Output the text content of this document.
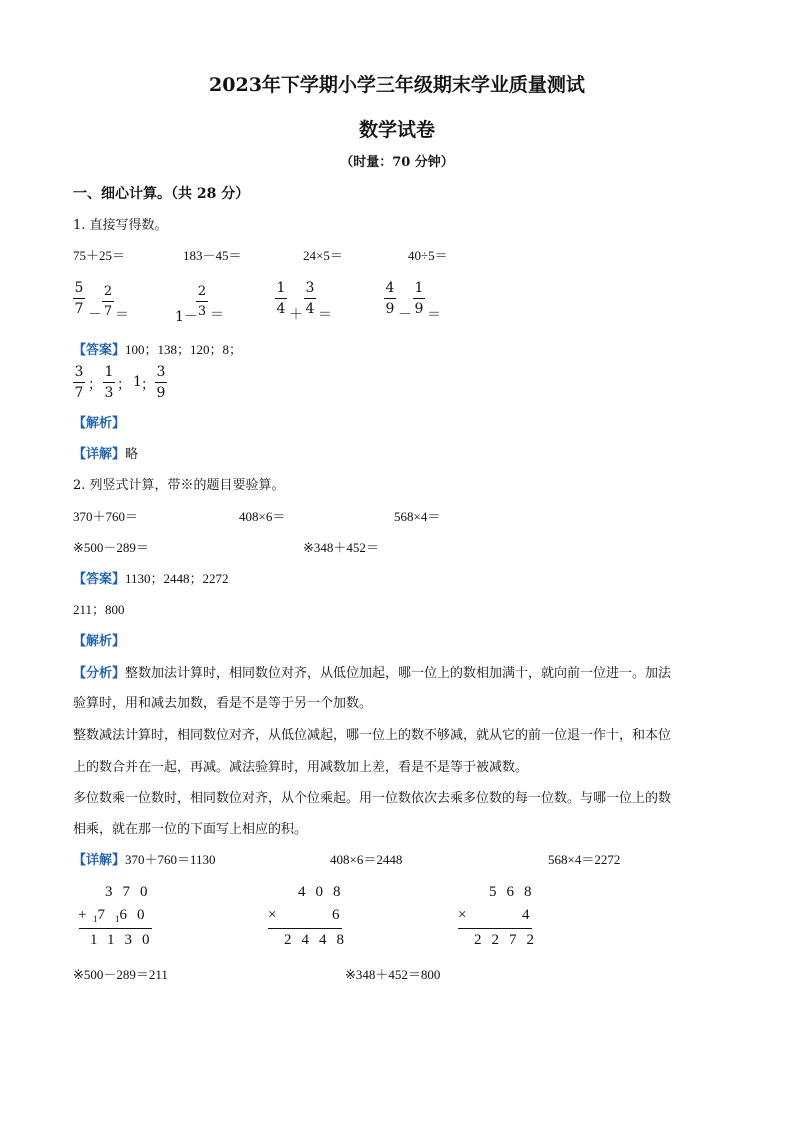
2023年下学期小学三年级期末学业质量测试
数学试卷
（时量：70 分钟）
一、细心计算。（共 28 分）
1. 直接写得数。
75＋25＝	183－45＝	24×5＝	40÷5＝
5
7 －
2
7 ＝	1－
2
3 ＝
1
4 ＋
3
4 ＝
4
9 －
1
9 ＝
【答案】100；138；120；8；
3
7 ；
1
3 ； 1 ；
3
9
【解析】
【详解】略
2. 列竖式计算，带※的题目要验算。
370＋760＝	408×6＝	568×4＝
※500－289＝	※348＋452＝
【答案】1130；2448；2272
211；800
【解析】
【分析】整数加法计算时，相同数位对齐，从低位加起，哪一位上的数相加满十，就向前一位进一。加法
验算时，用和减去加数，看是不是等于另一个加数。
整数减法计算时，相同数位对齐，从低位减起，哪一位上的数不够减，就从它的前一位退一作十，和本位
上的数合并在一起，再减。减法验算时，用减数加上差，看是不是等于被减数。
多位数乘一位数时，相同数位对齐，从个位乘起。用一位数依次去乘多位数的每一位数。与哪一位上的数
相乘，就在那一位的下面写上相应的积。
【详解】370＋760＝1130	408×6＝2448	568×4＝2272
370
+ $_17_160$
1130
408
×	6
2448
568
×	4
2272
※500－289＝211	※348＋452＝800
